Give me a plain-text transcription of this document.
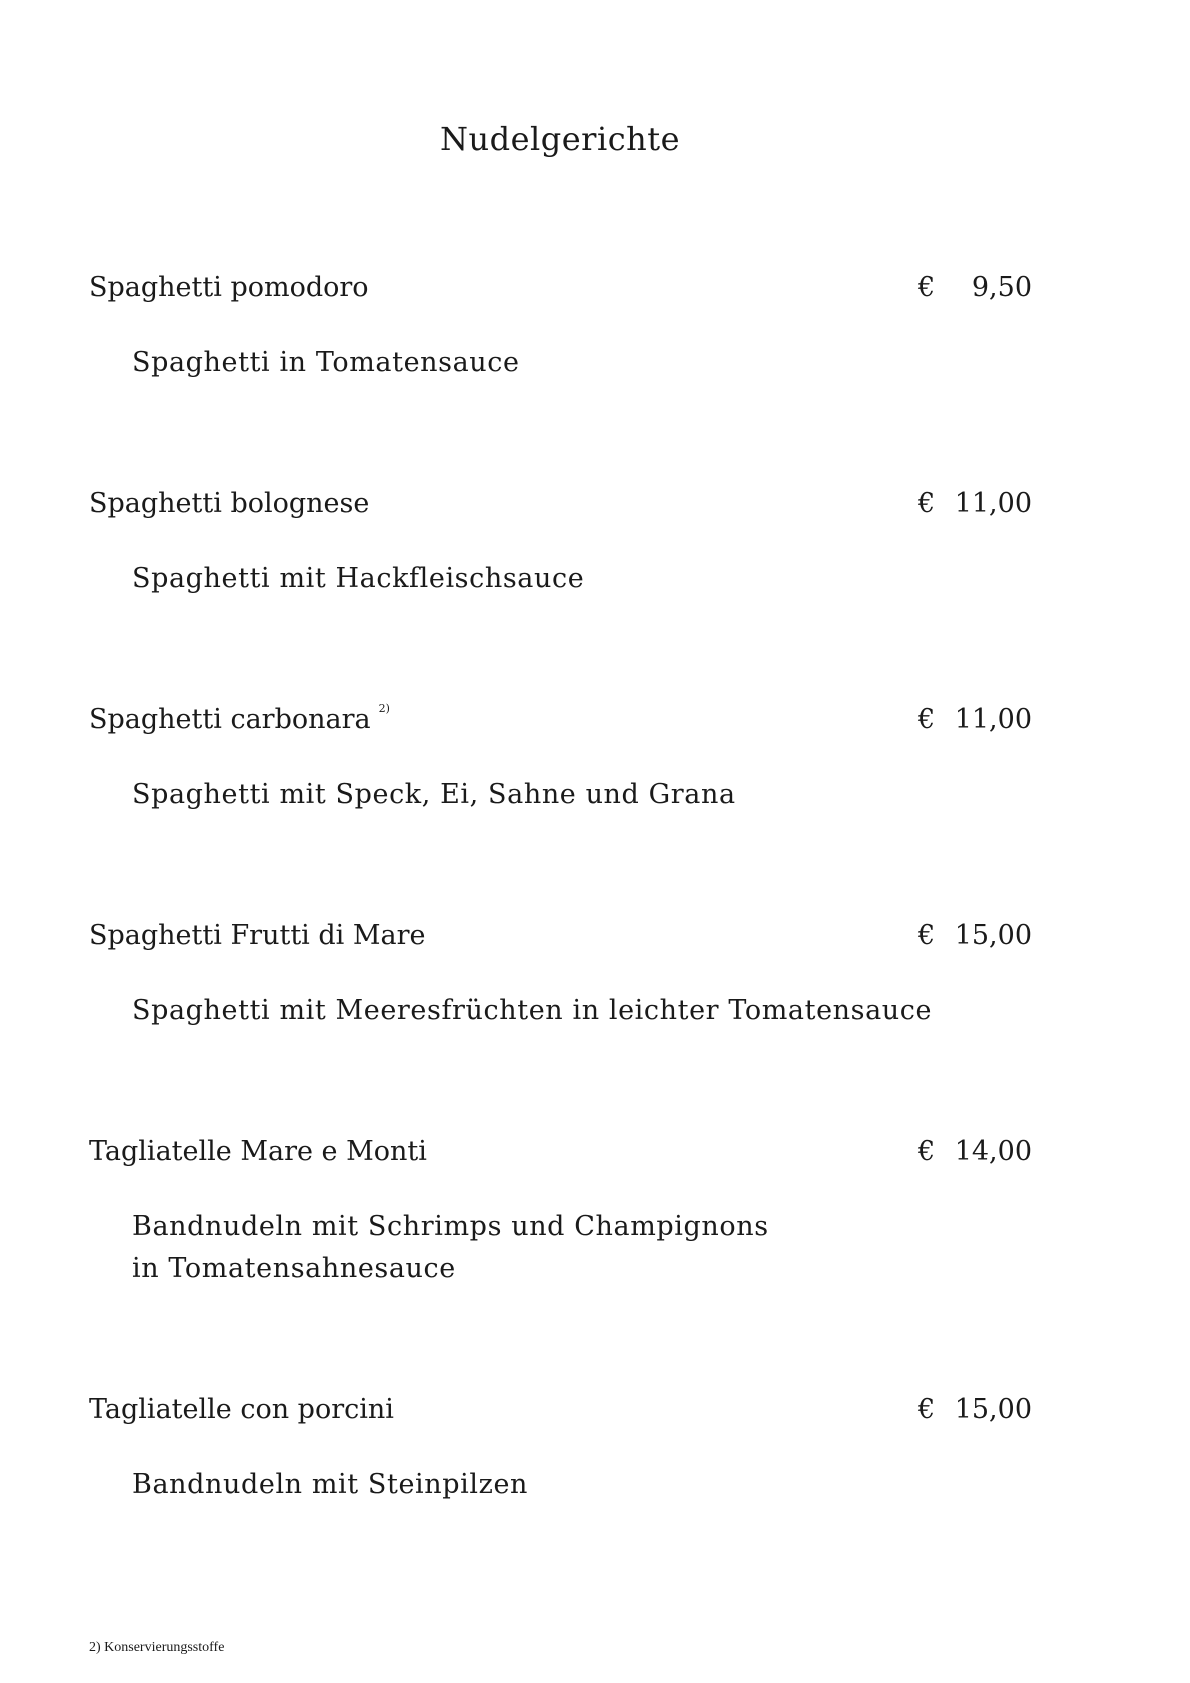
Nudelgerichte
Spaghetti pomodoro	€ 9,50
Spaghetti in Tomatensauce
Spaghetti bolognese	€ 11,00
Spaghetti mit Hackfleischsauce
Spaghetti carbonara $^{2)}$	€ 11,00
Spaghetti mit Speck, Ei, Sahne und Grana
Spaghetti Frutti di Mare	€ 15,00
Spaghetti mit Meeresfrüchten in leichter Tomatensauce
Tagliatelle Mare e Monti	€ 14,00
Bandnudeln mit Schrimps und Champignons
in Tomatensahnesauce
Tagliatelle con porcini	€ 15,00
Bandnudeln mit Steinpilzen
2) Konservierungsstoffe
